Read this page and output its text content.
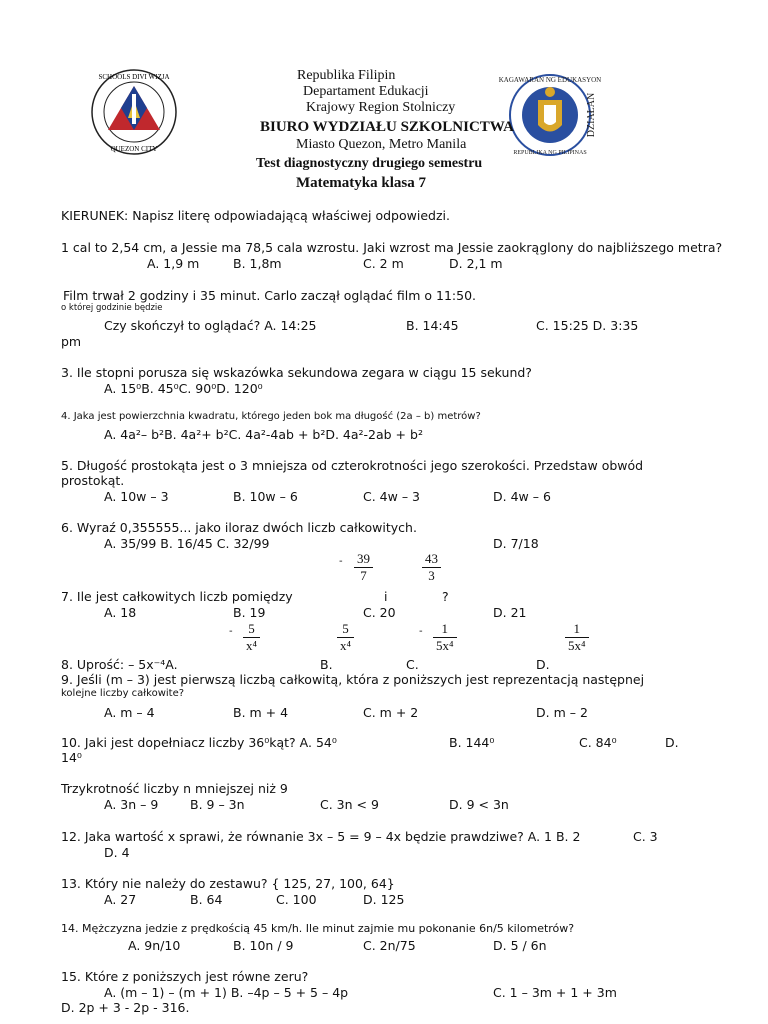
SCHOOLS DIVI WIZJA
QUEZON CITY
KAGAWARAN NG EDUKASYON
REPUBLIKA NG PILIPINAS
DZIAŁAN
Republika Filipin
Departament Edukacji
Krajowy Region Stolniczy
BIURO WYDZIAŁU SZKOLNICTWA
Miasto Quezon, Metro Manila
Test diagnostyczny drugiego semestru
Matematyka klasa 7
KIERUNEK: Napisz literę odpowiadającą właściwej odpowiedzi.
1 cal to 2,54 cm, a Jessie ma 78,5 cala wzrostu. Jaki wzrost ma Jessie zaokrąglony do najbliższego metra?
A. 1,9 m	B. 1,8m	C. 2 m	D. 2,1 m
Film trwał 2 godziny i 35 minut. Carlo zaczął oglądać film o 11:50.
o której godzinie będzie
Czy skończył to oglądać? A. 14:25	B. 14:45	C. 15:25 D. 3:35
pm
3. Ile stopni porusza się wskazówka sekundowa zegara w ciągu 15 sekund?
A. 15⁰B. 45⁰C. 90⁰D. 120⁰
4. Jaka jest powierzchnia kwadratu, którego jeden bok ma długość (2a – b) metrów?
A. 4a²– b²B. 4a²+ b²C. 4a²-4ab + b²D. 4a²-2ab + b²
5. Długość prostokąta jest o 3 mniejsza od czterokrotności jego szerokości. Przedstaw obwód
prostokąt.
A. 10w – 3	B. 10w – 6	C. 4w – 3	D. 4w – 6
6. Wyraź 0,355555... jako iloraz dwóch liczb całkowitych.
A. 35/99 B. 16/45 C. 32/99	D. 7/18
- $\frac{39}{7}$	$\frac{43}{3}$
7. Ile jest całkowitych liczb pomiędzy	i	?
A. 18	B. 19	C. 20	D. 21
- $\frac{5}{\text{x⁴}}$	$\frac{5}{\text{x⁴}}$	- $\frac{1}{\text{5x⁴}}$	$\frac{1}{\text{5x⁴}}$
8. Uprość: – 5x⁻⁴A.	B.	C.	D.
9. Jeśli (m – 3) jest pierwszą liczbą całkowitą, która z poniższych jest reprezentacją następnej
kolejne liczby całkowite?
A. m – 4	B. m + 4	C. m + 2	D. m – 2
10. Jaki jest dopełniacz liczby 36⁰kąt? A. 54⁰	B. 144⁰	C. 84⁰	D.
14⁰
Trzykrotność liczby n mniejszej niż 9
A. 3n – 9	B. 9 – 3n	C. 3n < 9	D. 9 < 3n
12. Jaka wartość x sprawi, że równanie 3x – 5 = 9 – 4x będzie prawdziwe? A. 1 B. 2	C. 3
D. 4
13. Który nie należy do zestawu? { 125, 27, 100, 64}
A. 27	B. 64	C. 100	D. 125
14. Mężczyzna jedzie z prędkością 45 km/h. Ile minut zajmie mu pokonanie 6n/5 kilometrów?
A. 9n/10	B. 10n / 9	C. 2n/75	D. 5 / 6n
15. Które z poniższych jest równe zeru?
A. (m – 1) – (m + 1) B. –4p – 5 + 5 – 4p	C. 1 – 3m + 1 + 3m
D. 2p + 3 - 2p - 316.
